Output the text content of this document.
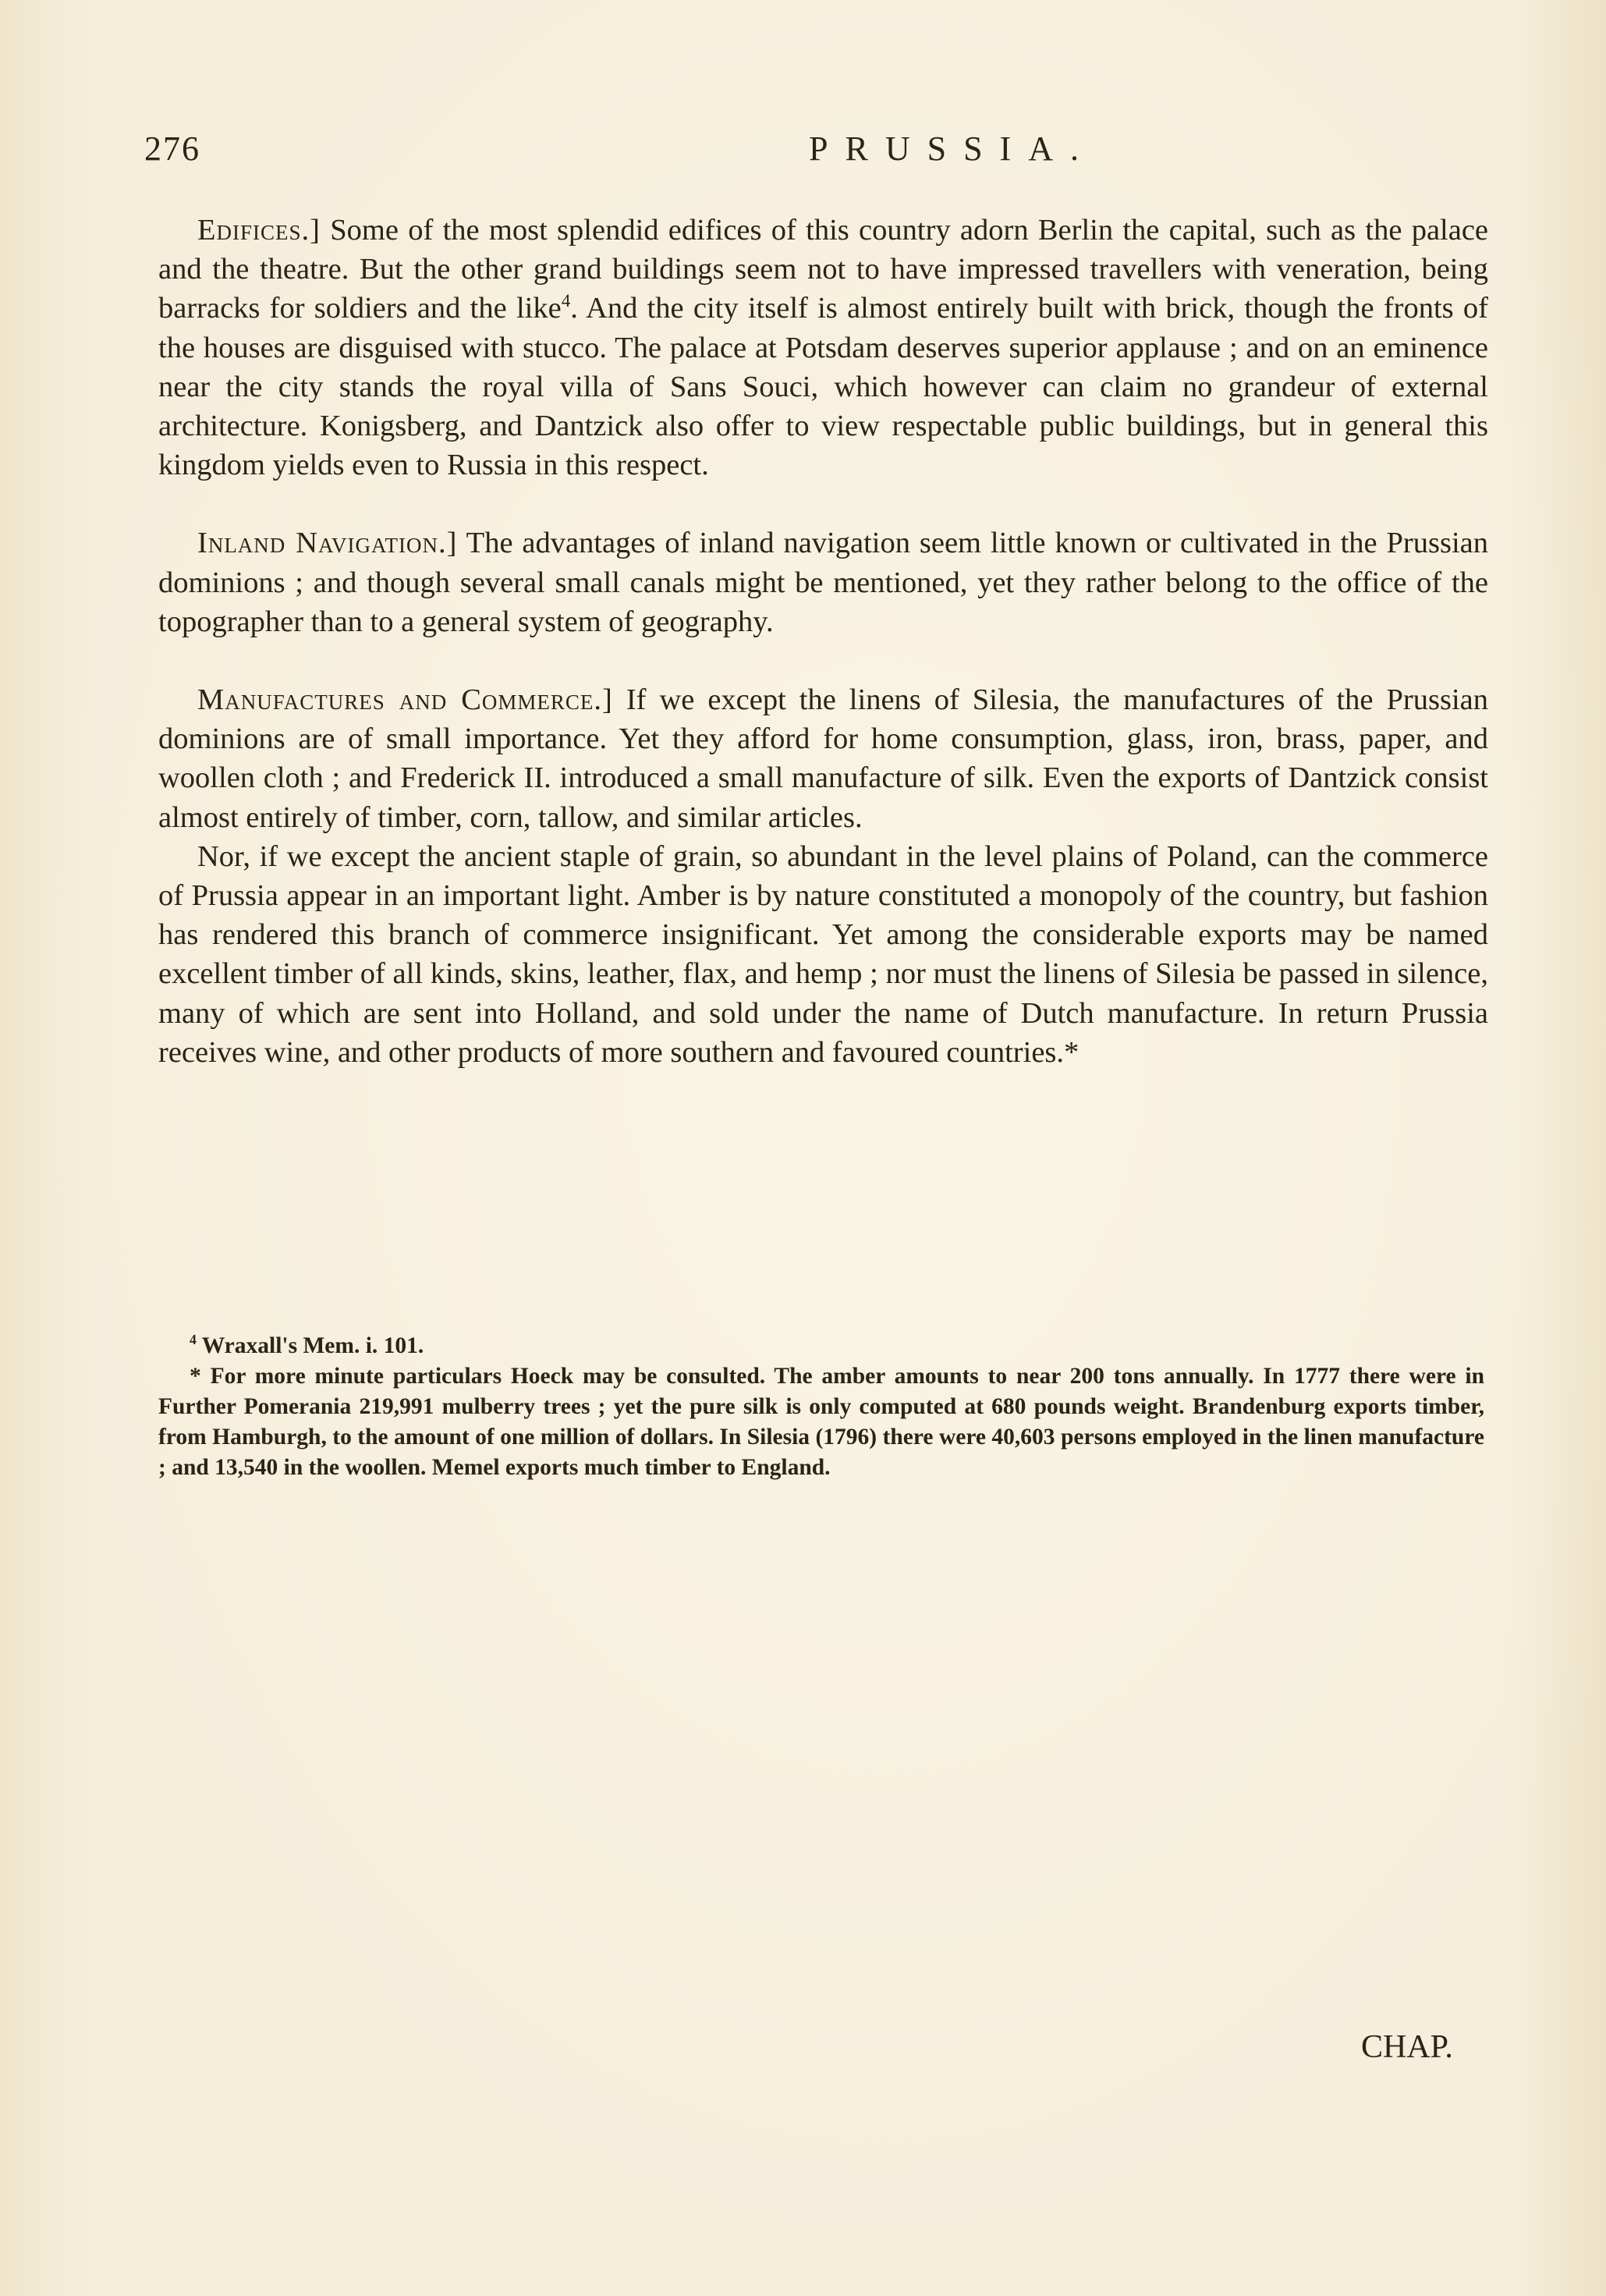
276	PRUSSIA.

Edifices.] Some of the most splendid edifices of this country adorn Berlin the capital, such as the palace and the theatre. But the other grand buildings seem not to have impressed travellers with veneration, being barracks for soldiers and the like$^4$. And the city itself is almost entirely built with brick, though the fronts of the houses are disguised with stucco. The palace at Potsdam deserves superior applause ; and on an eminence near the city stands the royal villa of Sans Souci, which however can claim no grandeur of external architecture. Konigsberg, and Dantzick also offer to view respectable public buildings, but in general this kingdom yields even to Russia in this respect.

Inland Navigation.] The advantages of inland navigation seem little known or cultivated in the Prussian dominions ; and though several small canals might be mentioned, yet they rather belong to the office of the topographer than to a general system of geography.

Manufactures and Commerce.] If we except the linens of Silesia, the manufactures of the Prussian dominions are of small importance. Yet they afford for home consumption, glass, iron, brass, paper, and woollen cloth ; and Frederick II. introduced a small manufacture of silk. Even the exports of Dantzick consist almost entirely of timber, corn, tallow, and similar articles.

Nor, if we except the ancient staple of grain, so abundant in the level plains of Poland, can the commerce of Prussia appear in an important light. Amber is by nature constituted a monopoly of the country, but fashion has rendered this branch of commerce insignificant. Yet among the considerable exports may be named excellent timber of all kinds, skins, leather, flax, and hemp ; nor must the linens of Silesia be passed in silence, many of which are sent into Holland, and sold under the name of Dutch manufacture. In return Prussia receives wine, and other products of more southern and favoured countries.*

$^4$ Wraxall's Mem. i. 101.

* For more minute particulars Hoeck may be consulted. The amber amounts to near 200 tons annually. In 1777 there were in Further Pomerania 219,991 mulberry trees ; yet the pure silk is only computed at 680 pounds weight. Brandenburg exports timber, from Hamburgh, to the amount of one million of dollars. In Silesia (1796) there were 40,603 persons employed in the linen manufacture ; and 13,540 in the woollen. Memel exports much timber to England.

CHAP.
